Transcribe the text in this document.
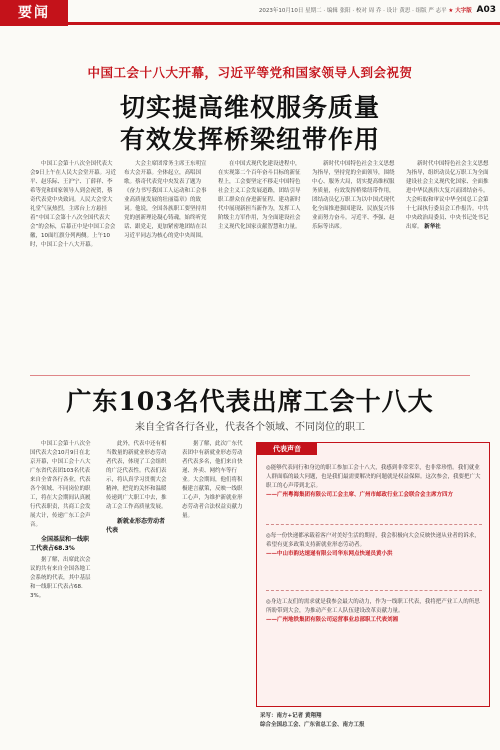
要闻	2023年10月10日 星期二 · 编辑 张阳 · 校对 周 乔 · 设计 黄思 · 组版 严 志平 ★ 大字版 A03
中国工会十八大开幕，习近平等党和国家领导人到会祝贺
切实提高维权服务质量
有效发挥桥梁纽带作用
中国工会第十八次全国代表大会9日上午在人民大会堂开幕。习近平、赵乐际、王沪宁、丁薛祥、李希等党和国家领导人到会祝贺，蔡奇代表党中央致词。人民大会堂大礼堂气氛热烈，主席台上方悬挂着“中国工会第十八次全国代表大会”的会标，后幕正中是中国工会会徽，10面红旗分列两侧。上午10时，中国工会十八大开幕。
大会主席团常务主席王东明宣布大会开幕。全体起立，高唱国歌。蔡奇代表党中央发表了题为《奋力书写我国工人运动和工会事业高质量发展的壮丽篇章》的致词。他说，全国各族职工要坚持用党的创新理论凝心铸魂，始终听党话、跟党走，更加紧密地团结在以习近平同志为核心的党中央周围。
在中国式现代化建设进程中，在实现第二个百年奋斗目标的新征程上，工会要坚定不移走中国特色社会主义工会发展道路，团结引导职工群众在奋进新征程、建功新时代中展现新担当新作为，发挥工人阶级主力军作用，为全面建设社会主义现代化国家贡献智慧和力量。
新时代中国特色社会主义思想为指导，坚持党的全面领导，围绕中心、服务大局，切实提高维权服务质量，有效发挥桥梁纽带作用，团结动员亿万职工为以中国式现代化全面推进强国建设、民族复兴伟业而努力奋斗。习近平、李强、赵乐际等出席。
新时代中国特色社会主义思想为指导，组织动员亿万职工为全面建设社会主义现代化国家、全面推进中华民族伟大复兴而团结奋斗。大会听取和审议中华全国总工会第十七届执行委员会工作报告。中共中央政治局委员、中央书记处书记出席。 新华社
广东103名代表出席工会十八大
来自全省各行各业，代表各个领域、不同岗位的职工

中国工会第十八次全国代表大会10月9日在北京开幕，中国工会十八大广东省代表团103名代表来自全省各行各业，代表各个领域、不同岗位的职工，将在大会期间认真履行代表职责，共商工会发展大计，传递广东工会声音。

全国基层和一线职工代表占68.3%

据了解，出席此次会议的共有来自全国各地工会系统的代表，其中基层和一线职工代表占68.3%。

此外，代表中还有相当数量的新就业形态劳动者代表，体现了工会组织的广泛代表性。代表们表示，将认真学习贯彻大会精神，把党的关怀和温暖传递到广大职工中去，推动工会工作高质量发展。

新就业形态劳动者代表

据了解，此次广东代表团中有新就业形态劳动者代表多名，他们来自快递、外卖、网约车等行业。大会期间，他们将积极建言献策，反映一线职工心声，为维护新就业形态劳动者合法权益贡献力量。

代表声音
◎能够代表同行和身边的职工参加工会十八大，我感到非常荣幸，也非常珍惜。我们就业人群面临的最大问题，也是我们最需要解决的问题就是权益保障。这次参会，我要把广大职工的心声带到北京。
——广州粤海集团有限公司工会主席、广州市邮政行业工会联合会主席方四方
◎每一份快递都承载着客户对美好生活的期待，我会积极向大会反映快递从业者的诉求，希望有更多政策支持新就业形态劳动者。
——中山市韵达速递有限公司华东网点快递员黄小洪
◎身边工友们的需求就是我参会最大的动力，作为一线职工代表，我将把产业工人的所思所盼带到大会，为推动产业工人队伍建设改革贡献力量。
——广州地铁集团有限公司运营事业总部职工代表刘湘
采写：南方+记者 黄翔翔
综合全国总工会、广东省总工会、南方工报
